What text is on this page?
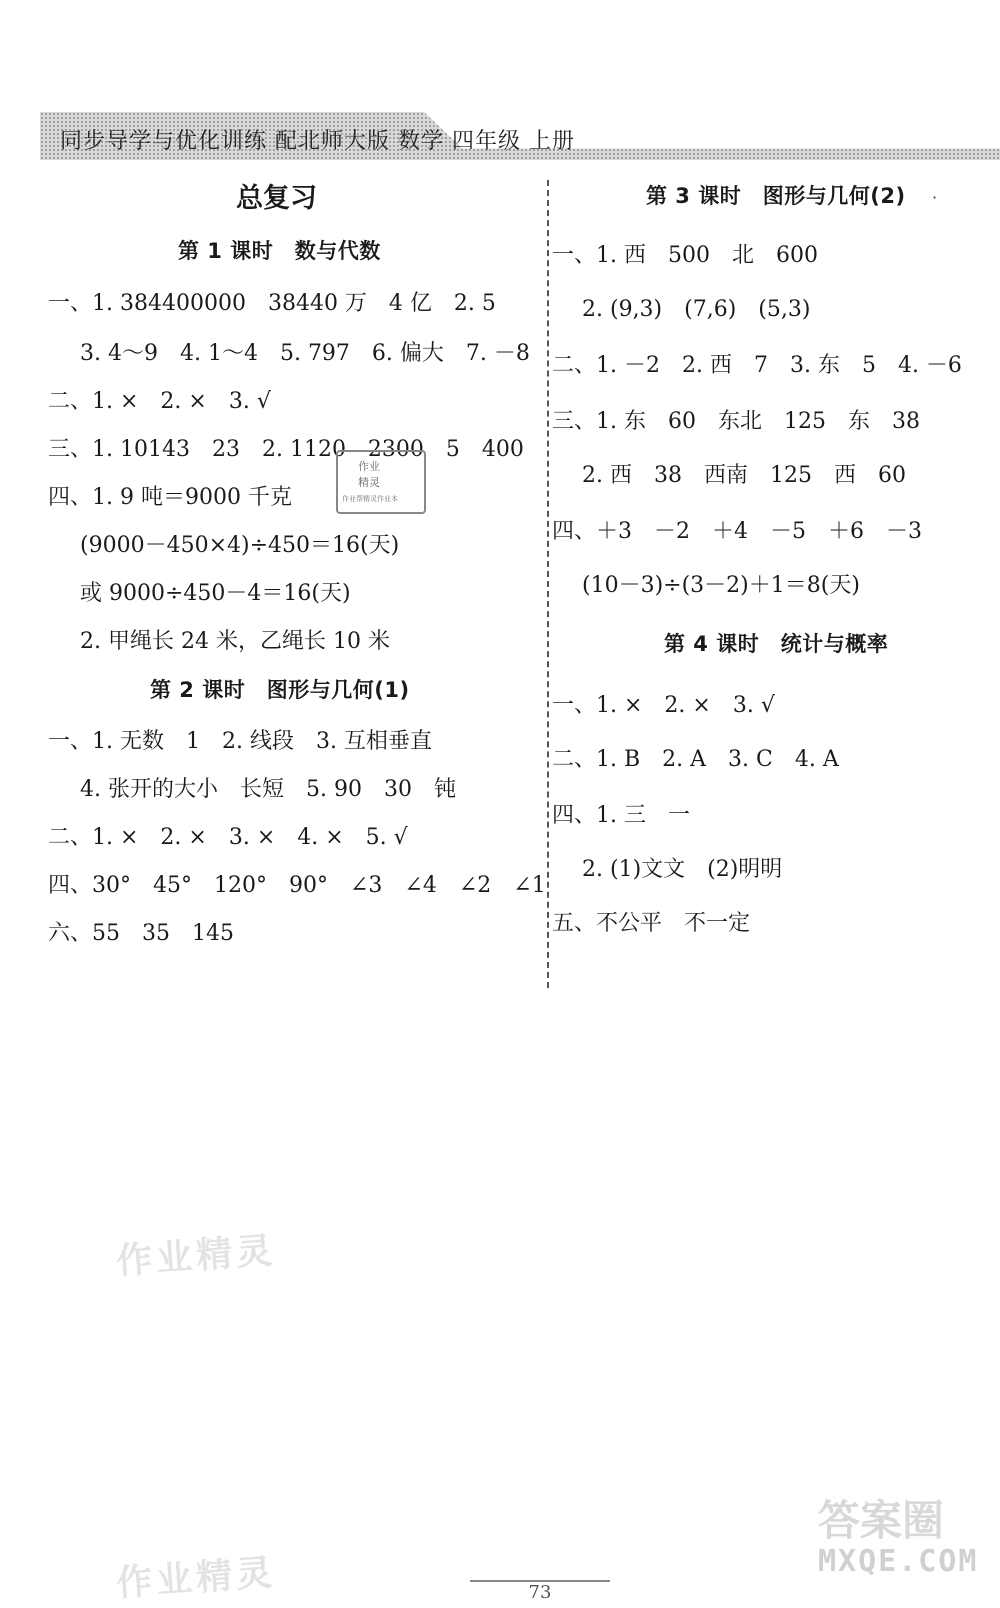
同步导学与优化训练 配北师大版 数学 四年级 上册
总复习
第 1 课时　数与代数
一、1. 384400000　38440 万　4 亿　2. 5
3. 4～9　4. 1～4　5. 797　6. 偏大　7. －8
二、1. ×　2. ×　3. √
三、1. 10143　23　2. 1120　2300　5　400
四、1. 9 吨＝9000 千克
(9000－450×4)÷450＝16(天)
或 9000÷450－4＝16(天)
2. 甲绳长 24 米，乙绳长 10 米
第 2 课时　图形与几何(1)
一、1. 无数　1　2. 线段　3. 互相垂直
4. 张开的大小　长短　5. 90　30　钝
二、1. ×　2. ×　3. ×　4. ×　5. √
四、30°　45°　120°　90°　∠3　∠4　∠2　∠1
六、55　35　145
作业
精灵
作业帮精灵作业本
·
第 3 课时　图形与几何(2)
一、1. 西　500　北　600
2. (9,3)　(7,6)　(5,3)
二、1. －2　2. 西　7　3. 东　5　4. －6
三、1. 东　60　东北　125　东　38
2. 西　38　西南　125　西　60
四、＋3　－2　＋4　－5　＋6　－3
(10－3)÷(3－2)＋1＝8(天)
第 4 课时　统计与概率
一、1. ×　2. ×　3. √
二、1. B　2. A　3. C　4. A
四、1. 三　一
2. (1)文文　(2)明明
五、不公平　不一定
作业精灵
作业精灵
答案圈
MXQE.COM
73
